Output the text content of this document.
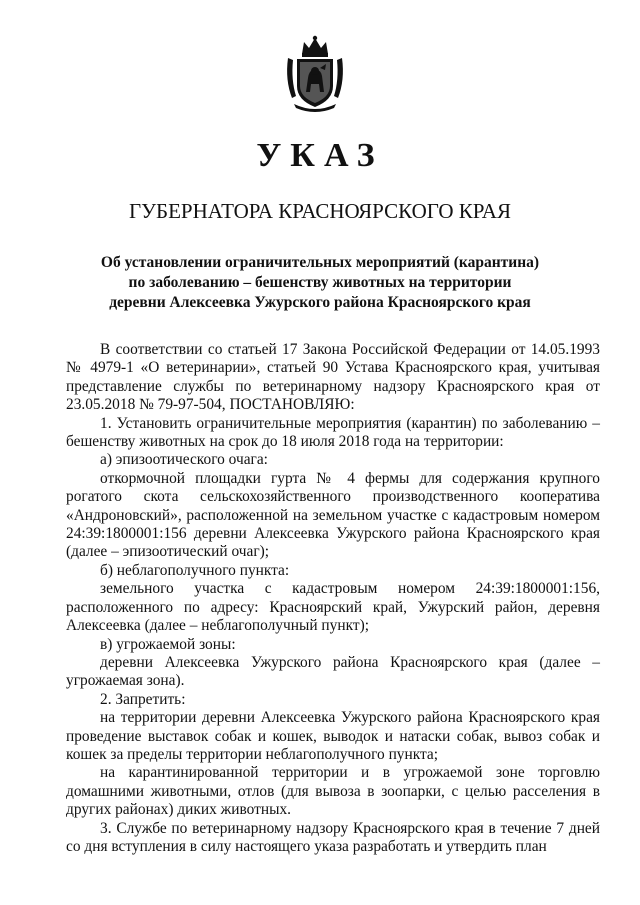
УКАЗ
ГУБЕРНАТОРА КРАСНОЯРСКОГО КРАЯ
Об установлении ограничительных мероприятий (карантина)
по заболеванию – бешенству животных на территории
деревни Алексеевка Ужурского района Красноярского края

В соответствии со статьей 17 Закона Российской Федерации от 14.05.1993 № 4979-1 «О ветеринарии», статьей 90 Устава Красноярского края, учитывая представление службы по ветеринарному надзору Красноярского края от 23.05.2018 № 79-97-504, ПОСТАНОВЛЯЮ:

1. Установить ограничительные мероприятия (карантин) по заболеванию – бешенству животных на срок до 18 июля 2018 года на территории:

а) эпизоотического очага:

откормочной площадки гурта № 4 фермы для содержания крупного рогатого скота сельскохозяйственного производственного кооператива «Андроновский», расположенной на земельном участке с кадастровым номером 24:39:1800001:156 деревни Алексеевка Ужурского района Красноярского края (далее – эпизоотический очаг);

б) неблагополучного пункта:

земельного участка с кадастровым номером 24:39:1800001:156, расположенного по адресу: Красноярский край, Ужурский район, деревня Алексеевка (далее – неблагополучный пункт);

в) угрожаемой зоны:

деревни Алексеевка Ужурского района Красноярского края (далее – угрожаемая зона).

2. Запретить:

на территории деревни Алексеевка Ужурского района Красноярского края проведение выставок собак и кошек, выводок и натаски собак, вывоз собак и кошек за пределы территории неблагополучного пункта;

на карантинированной территории и в угрожаемой зоне торговлю домашними животными, отлов (для вывоза в зоопарки, с целью расселения в других районах) диких животных.

3. Службе по ветеринарному надзору Красноярского края в течение 7 дней со дня вступления в силу настоящего указа разработать и утвердить план
